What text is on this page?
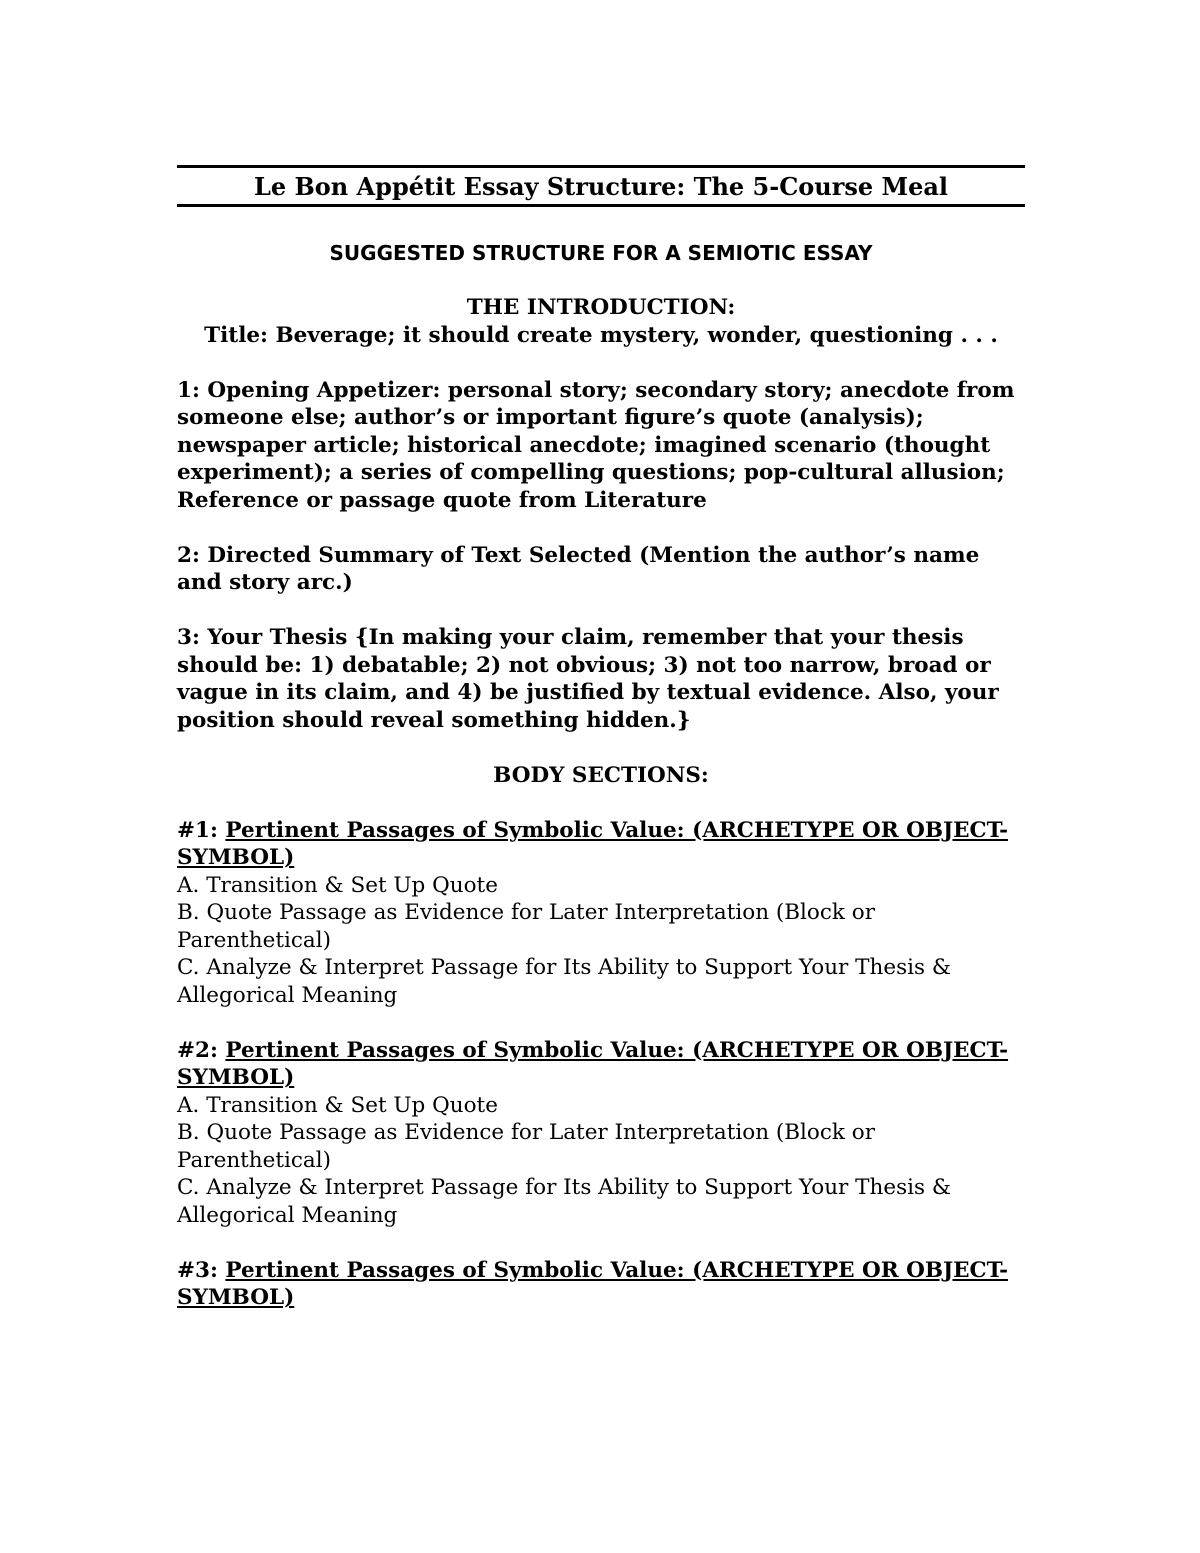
Le Bon Appétit Essay Structure: The 5-Course Meal
SUGGESTED STRUCTURE FOR A SEMIOTIC ESSAY
THE INTRODUCTION:
Title: Beverage; it should create mystery, wonder, questioning . . .
1: Opening Appetizer: personal story; secondary story; anecdote from someone else; author’s or important figure’s quote (analysis); newspaper article; historical anecdote; imagined scenario (thought experiment); a series of compelling questions; pop-cultural allusion; Reference or passage quote from Literature
2: Directed Summary of Text Selected (Mention the author’s name and story arc.)
3: Your Thesis {In making your claim, remember that your thesis should be: 1) debatable; 2) not obvious; 3) not too narrow, broad or vague in its claim, and 4) be justified by textual evidence. Also, your position should reveal something hidden.}
BODY SECTIONS:
#1: Pertinent Passages of Symbolic Value: (ARCHETYPE OR OBJECT-SYMBOL)
A. Transition & Set Up Quote
B. Quote Passage as Evidence for Later Interpretation (Block or Parenthetical)
C. Analyze & Interpret Passage for Its Ability to Support Your Thesis & Allegorical Meaning
#2: Pertinent Passages of Symbolic Value: (ARCHETYPE OR OBJECT-SYMBOL)
A. Transition & Set Up Quote
B. Quote Passage as Evidence for Later Interpretation (Block or Parenthetical)
C. Analyze & Interpret Passage for Its Ability to Support Your Thesis & Allegorical Meaning
#3: Pertinent Passages of Symbolic Value: (ARCHETYPE OR OBJECT-SYMBOL)
